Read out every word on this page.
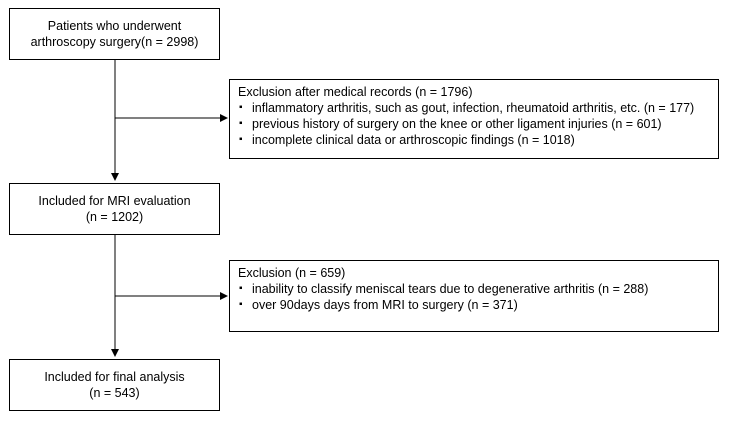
Patients who underwent
arthroscopy surgery(n = 2998)
Exclusion after medical records (n = 1796)
▪ inflammatory arthritis, such as gout, infection, rheumatoid arthritis, etc. (n = 177)
▪ previous history of surgery on the knee or other ligament injuries (n = 601)
▪ incomplete clinical data or arthroscopic findings (n = 1018)
Included for MRI evaluation
(n = 1202)
Exclusion (n = 659)
▪ inability to classify meniscal tears due to degenerative arthritis (n = 288)
▪ over 90days days from MRI to surgery (n = 371)
Included for final analysis
(n = 543)
